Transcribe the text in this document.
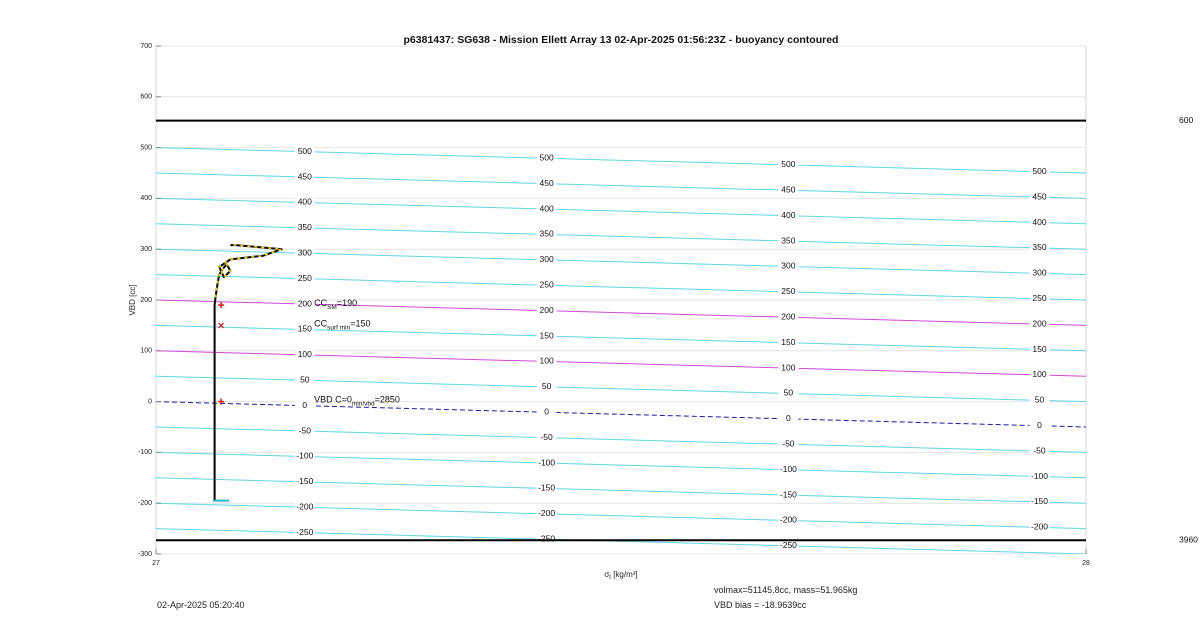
p6381437: SG638 - Mission Ellett Array 13 02-Apr-2025 01:56:23Z - buoyancy contoured
-250
-250
-250
-200
-200
-200
-200
-150
-150
-150
-150
-100
-100
-100
-100
-50
-50
-50
-50
0
0
0
0
50
50
50
50
100
100
100
100
150
150
150
150
200
200
200
200
250
250
250
250
300
300
300
300
350
350
350
350
400
400
400
400
450
450
450
450
500
500
500
500
600
3960
$CC_{SM}=190$
$CC_{surf min}=150$
VBD $C=0_{min/vbd}=2850$
-300
-200
-100
0
100
200
300
400
500
600
700
27	28
$\sigma_t$ [kg/m³]
VBD [cc]
02-Apr-2025 05:20:40
volmax=51145.8cc, mass=51.965kg
VBD bias = -18.9639cc
